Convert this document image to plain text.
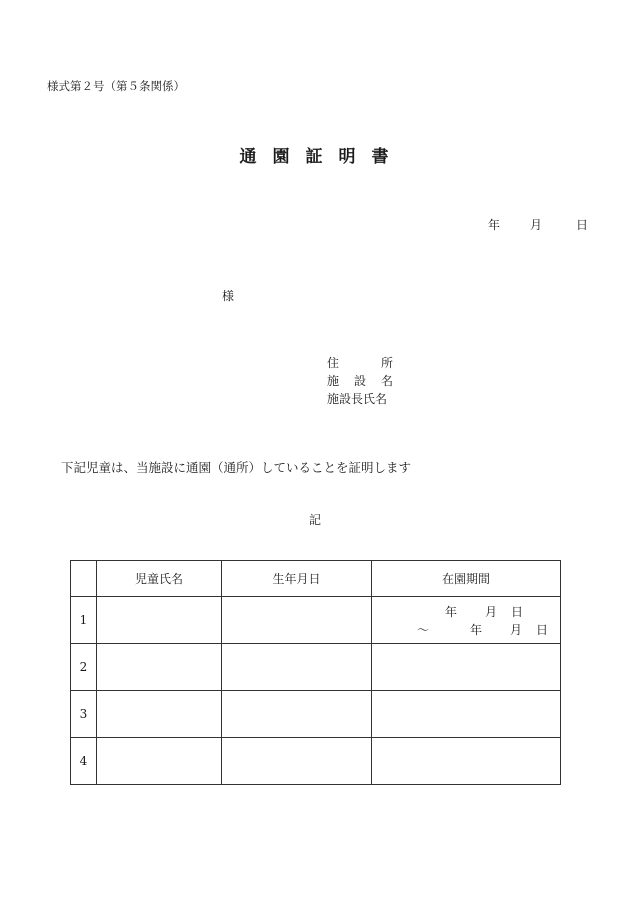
様式第２号（第５条関係）
通 園 証 明 書
年 月	日
様
住	所
施 設 名
施設長氏名
下記児童は、当施設に通園（通所）していることを証明します
記
	児童氏名	生年月日	在園期間
1			年 月 日
～ 年 月 日

2			
3			
4			
